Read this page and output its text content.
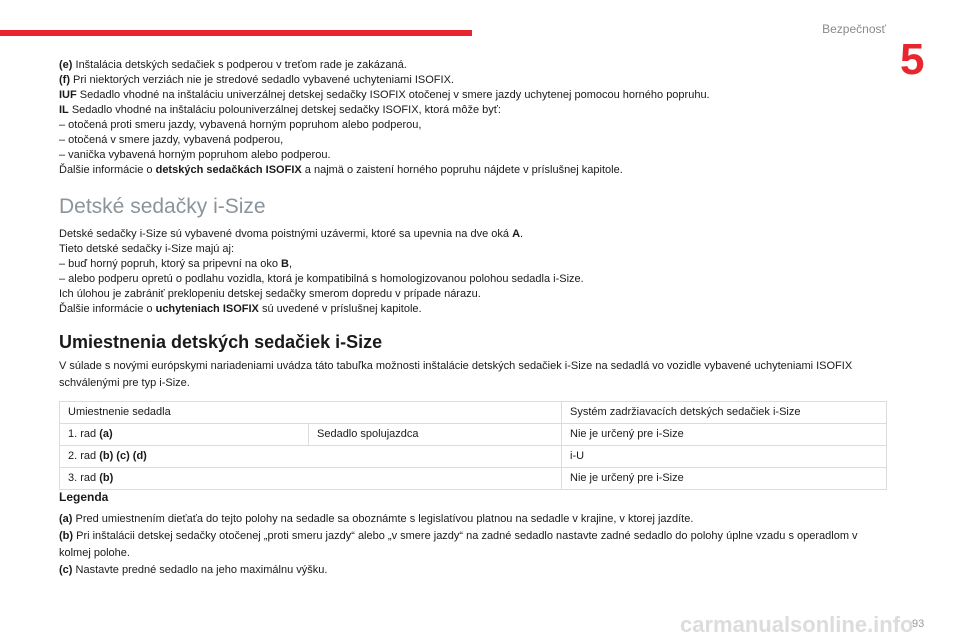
Bezpečnosť
5

(e) Inštalácia detských sedačiek s podperou v treťom rade je zakázaná.

(f) Pri niektorých verziách nie je stredové sedadlo vybavené uchyteniami ISOFIX.

IUF Sedadlo vhodné na inštaláciu univerzálnej detskej sedačky ISOFIX otočenej v smere jazdy uchytenej pomocou horného popruhu.

IL Sedadlo vhodné na inštaláciu polouniverzálnej detskej sedačky ISOFIX, ktorá môže byť:

– otočená proti smeru jazdy, vybavená horným popruhom alebo podperou,

– otočená v smere jazdy, vybavená podperou,

– vanička vybavená horným popruhom alebo podperou.

Ďalšie informácie o detských sedačkách ISOFIX a najmä o zaistení horného popruhu nájdete v príslušnej kapitole.

Detské sedačky i-Size

Detské sedačky i-Size sú vybavené dvoma poistnými uzávermi, ktoré sa upevnia na dve oká A.

Tieto detské sedačky i-Size majú aj:

– buď horný popruh, ktorý sa pripevní na oko B,

– alebo podperu opretú o podlahu vozidla, ktorá je kompatibilná s homologizovanou polohou sedadla i-Size.

Ich úlohou je zabrániť preklopeniu detskej sedačky smerom dopredu v prípade nárazu.

Ďalšie informácie o uchyteniach ISOFIX sú uvedené v príslušnej kapitole.

Umiestnenia detských sedačiek i-Size

V súlade s novými európskymi nariadeniami uvádza táto tabuľka možnosti inštalácie detských sedačiek i-Size na sedadlá vo vozidle vybavené uchyteniami ISOFIX schválenými pre typ i-Size.

Umiestnenie sedadla		Systém zadržiavacích detských sedačiek i-Size
1. rad (a)	Sedadlo spolujazdca	Nie je určený pre i-Size
2. rad (b) (c) (d)		i-U
3. rad (b)		Nie je určený pre i-Size

Legenda

(a) Pred umiestnením dieťaťa do tejto polohy na sedadle sa oboznámte s legislatívou platnou na sedadle v krajine, v ktorej jazdíte.

(b) Pri inštalácii detskej sedačky otočenej „proti smeru jazdy“ alebo „v smere jazdy“ na zadné sedadlo nastavte zadné sedadlo do polohy úplne vzadu s operadlom v kolmej polohe.

(c) Nastavte predné sedadlo na jeho maximálnu výšku.

carmanualsonline.info
93
